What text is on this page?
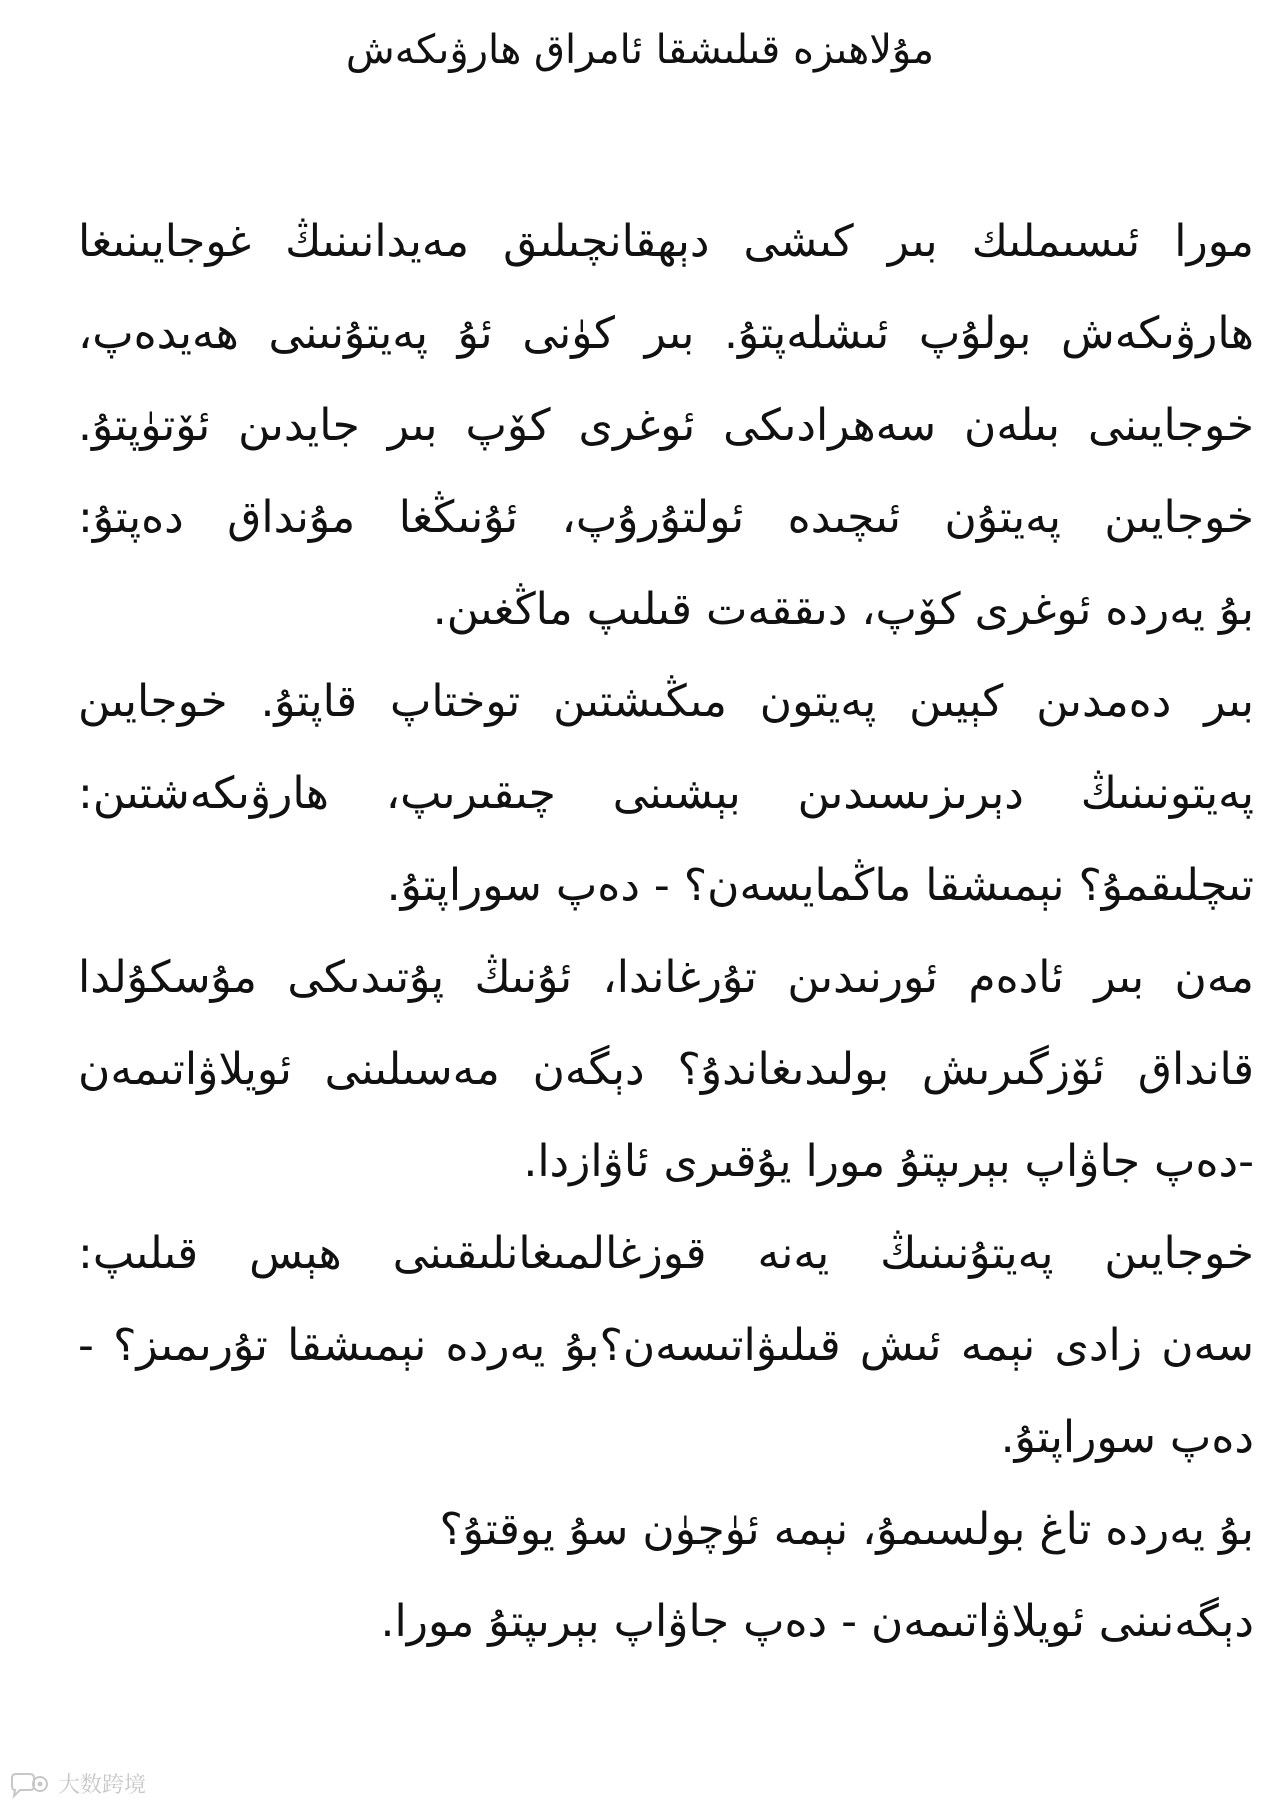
مۇلاھىزە قىلىشقا ئامراق ھارۋىكەش
مورا ئىسىملىك بىر كىشى دېھقانچىلىق مەيدانىنىڭ غوجايىنىغا
ھارۋىكەش بولۇپ ئىشلەپتۇ. بىر كۈنى ئۇ پەيتۇنىنى ھەيدەپ،
خوجايىنى بىلەن سەھرادىكى ئوغرى كۆپ بىر جايدىن ئۆتۈپتۇ.
خوجايىن پەيتۇن ئىچىدە ئولتۇرۇپ، ئۇنىڭغا مۇنداق دەپتۇ:
بۇ يەردە ئوغرى كۆپ، دىققەت قىلىپ ماڭغىن.
بىر دەمدىن كېيىن پەيتون مىڭىشتىن توختاپ قاپتۇ. خوجايىن
پەيتونىنىڭ دېرىزىسىدىن بېشىنى چىقىرىپ، ھارۋىكەشتىن:
تىچلىقمۇ؟ نېمىشقا ماڭمايسەن؟ - دەپ سوراپتۇ.
مەن بىر ئادەم ئورنىدىن تۇرغاندا، ئۇنىڭ پۇتىدىكى مۇسكۇلدا
قانداق ئۆزگىرىش بولىدىغاندۇ؟ دېگەن مەسىلىنى ئويلاۋاتىمەن
-دەپ جاۋاپ بېرىپتۇ مورا يۇقىرى ئاۋازدا.
خوجايىن پەيتۇنىنىڭ يەنە قوزغالمىغانلىقىنى ھېس قىلىپ:
سەن زادى نېمە ئىش قىلىۋاتىسەن؟بۇ يەردە نېمىشقا تۇرىمىز؟ -
دەپ سوراپتۇ.
بۇ يەردە تاغ بولسىمۇ، نېمە ئۈچۈن سۇ يوقتۇ؟
دېگەنىنى ئويلاۋاتىمەن - دەپ جاۋاپ بېرىپتۇ مورا.
大数跨境
